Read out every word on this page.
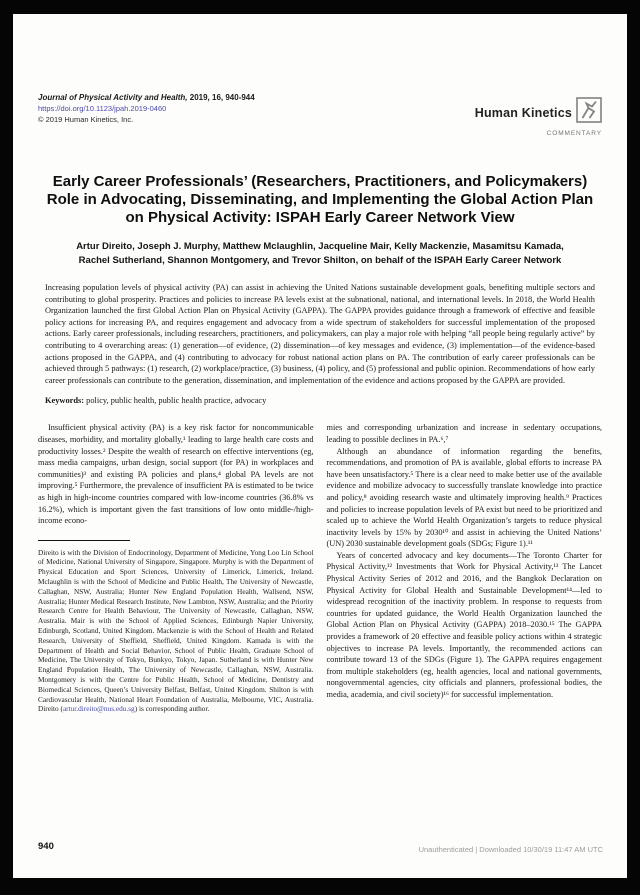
Journal of Physical Activity and Health, 2019, 16, 940-944
https://doi.org/10.1123/jpah.2019-0460
© 2019 Human Kinetics, Inc.	Human Kinetics
COMMENTARY
Early Career Professionals’ (Researchers, Practitioners, and Policymakers) Role in Advocating, Disseminating, and Implementing the Global Action Plan on Physical Activity: ISPAH Early Career Network View
Artur Direito, Joseph J. Murphy, Matthew Mclaughlin, Jacqueline Mair, Kelly Mackenzie, Masamitsu Kamada, Rachel Sutherland, Shannon Montgomery, and Trevor Shilton, on behalf of the ISPAH Early Career Network
Increasing population levels of physical activity (PA) can assist in achieving the United Nations sustainable development goals, benefiting multiple sectors and contributing to global prosperity. Practices and policies to increase PA levels exist at the subnational, national, and international levels. In 2018, the World Health Organization launched the first Global Action Plan on Physical Activity (GAPPA). The GAPPA provides guidance through a framework of effective and feasible policy actions for increasing PA, and requires engagement and advocacy from a wide spectrum of stakeholders for successful implementation of the proposed actions. Early career professionals, including researchers, practitioners, and policymakers, can play a major role with helping “all people being regularly active” by contributing to 4 overarching areas: (1) generation—of evidence, (2) dissemination—of key messages and evidence, (3) implementation—of the evidence-based actions proposed in the GAPPA, and (4) contributing to advocacy for robust national action plans on PA. The contribution of early career professionals can be achieved through 5 pathways: (1) research, (2) workplace/practice, (3) business, (4) policy, and (5) professional and public opinion. Recommendations of how early career professionals can contribute to the generation, dissemination, and implementation of the evidence and actions proposed by the GAPPA are provided.
Keywords: policy, public health, public health practice, advocacy

Insufficient physical activity (PA) is a key risk factor for noncommunicable diseases, morbidity, and mortality globally,¹ leading to large health care costs and productivity losses.² Despite the wealth of research on effective interventions (eg, mass media campaigns, urban design, social support (for PA) in workplaces and communities)³ and existing PA policies and plans,⁴ global PA levels are not improving.⁵ Furthermore, the prevalence of insufficient PA is estimated to be twice as high in high-income countries compared with low-income countries (36.8% vs 16.2%), which is important given the fast transitions of low onto middle-/high-income econo-

Direito is with the Division of Endocrinology, Department of Medicine, Yong Loo Lin School of Medicine, National University of Singapore, Singapore. Murphy is with the Department of Physical Education and Sport Sciences, University of Limerick, Limerick, Ireland. Mclaughlin is with the School of Medicine and Public Health, The University of Newcastle, Callaghan, NSW, Australia; Hunter New England Population Health, Wallsend, NSW, Australia; Hunter Medical Research Institute, New Lambton, NSW, Australia; and the Priority Research Centre for Health Behaviour, The University of Newcastle, Callaghan, NSW, Australia. Mair is with the School of Applied Sciences, Edinburgh Napier University, Edinburgh, Scotland, United Kingdom. Mackenzie is with the School of Health and Related Research, University of Sheffield, Sheffield, United Kingdom. Kamada is with the Department of Health and Social Behavior, School of Public Health, Graduate School of Medicine, The University of Tokyo, Bunkyo, Tokyo, Japan. Sutherland is with Hunter New England Population Health, The University of Newcastle, Callaghan, NSW, Australia. Montgomery is with the Centre for Public Health, School of Medicine, Dentistry and Biomedical Sciences, Queen’s University Belfast, Belfast, United Kingdom. Shilton is with Cardiovascular Health, National Heart Foundation of Australia, Melbourne, VIC, Australia. Direito (artur.direito@nus.edu.sg) is corresponding author.

mies and corresponding urbanization and increase in sedentary occupations, leading to possible declines in PA.⁶,⁷

Although an abundance of information regarding the benefits, recommendations, and promotion of PA is available, global efforts to increase PA have been unsatisfactory.⁵ There is a clear need to make better use of the available evidence and mobilize advocacy to successfully translate knowledge into practice and policy,⁸ avoiding research waste and ultimately improving health.⁹ Practices and policies to increase population levels of PA exist but need to be prioritized and scaled up to achieve the World Health Organization’s targets to reduce physical inactivity levels by 15% by 2030¹⁰ and assist in achieving the United Nations’ (UN) 2030 sustainable development goals (SDGs; Figure 1).¹¹

Years of concerted advocacy and key documents—The Toronto Charter for Physical Activity,¹² Investments that Work for Physical Activity,¹³ The Lancet Physical Activity Series of 2012 and 2016, and the Bangkok Declaration on Physical Activity for Global Health and Sustainable Development¹⁴—led to widespread recognition of the inactivity problem. In response to requests from countries for updated guidance, the World Health Organization launched the Global Action Plan on Physical Activity (GAPPA) 2018–2030.¹⁵ The GAPPA provides a framework of 20 effective and feasible policy actions within 4 strategic objectives to increase PA levels. Importantly, the recommended actions can contribute toward 13 of the SDGs (Figure 1). The GAPPA requires engagement from multiple stakeholders (eg, health agencies, local and national governments, nongovernmental agencies, city officials and planners, professional bodies, the media, academia, and civil society)¹⁶ for successful implementation.

940	Unauthenticated | Downloaded 10/30/19 11:47 AM UTC
